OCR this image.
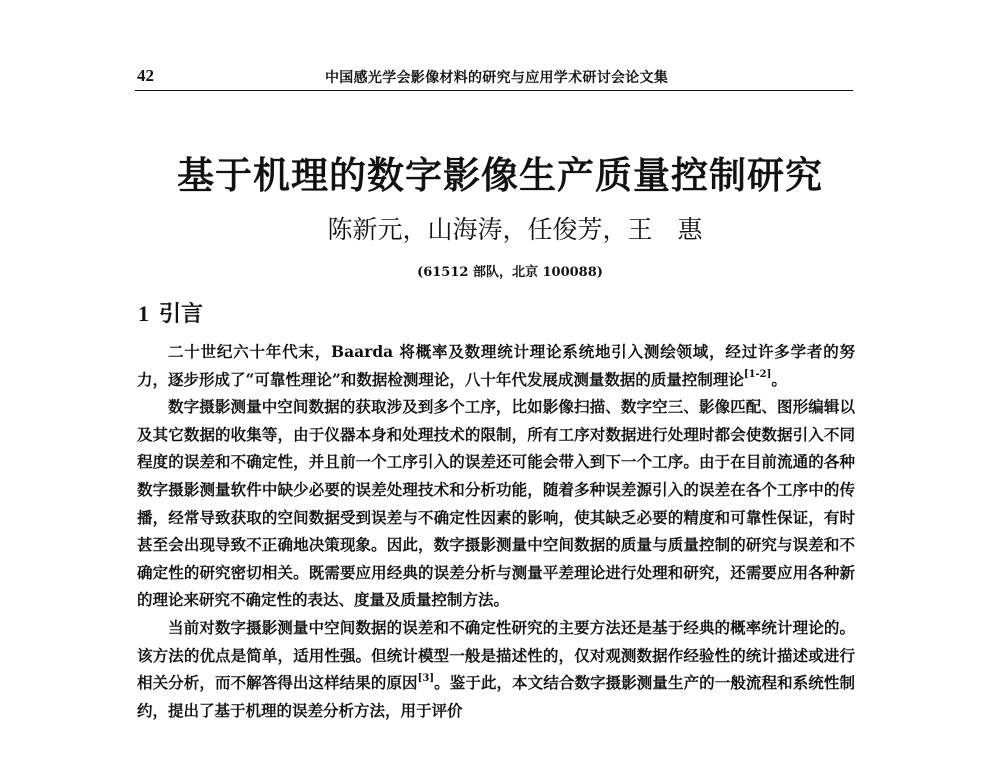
42	中国感光学会影像材料的研究与应用学术研讨会论文集
基于机理的数字影像生产质量控制研究
陈新元，山海涛，任俊芳，王　惠
(61512 部队，北京 100088)
1 引言

二十世纪六十年代末，Baarda 将概率及数理统计理论系统地引入测绘领域，经过许多学者的努力，逐步形成了“可靠性理论”和数据检测理论，八十年代发展成测量数据的质量控制理论[1-2]。

数字摄影测量中空间数据的获取涉及到多个工序，比如影像扫描、数字空三、影像匹配、图形编辑以及其它数据的收集等，由于仪器本身和处理技术的限制，所有工序对数据进行处理时都会使数据引入不同程度的误差和不确定性，并且前一个工序引入的误差还可能会带入到下一个工序。由于在目前流通的各种数字摄影测量软件中缺少必要的误差处理技术和分析功能，随着多种误差源引入的误差在各个工序中的传播，经常导致获取的空间数据受到误差与不确定性因素的影响，使其缺乏必要的精度和可靠性保证，有时甚至会出现导致不正确地决策现象。因此，数字摄影测量中空间数据的质量与质量控制的研究与误差和不确定性的研究密切相关。既需要应用经典的误差分析与测量平差理论进行处理和研究，还需要应用各种新的理论来研究不确定性的表达、度量及质量控制方法。

当前对数字摄影测量中空间数据的误差和不确定性研究的主要方法还是基于经典的概率统计理论的。该方法的优点是简单，适用性强。但统计模型一般是描述性的，仅对观测数据作经验性的统计描述或进行相关分析，而不解答得出这样结果的原因[3]。鉴于此，本文结合数字摄影测量生产的一般流程和系统性制约，提出了基于机理的误差分析方法，用于评价
